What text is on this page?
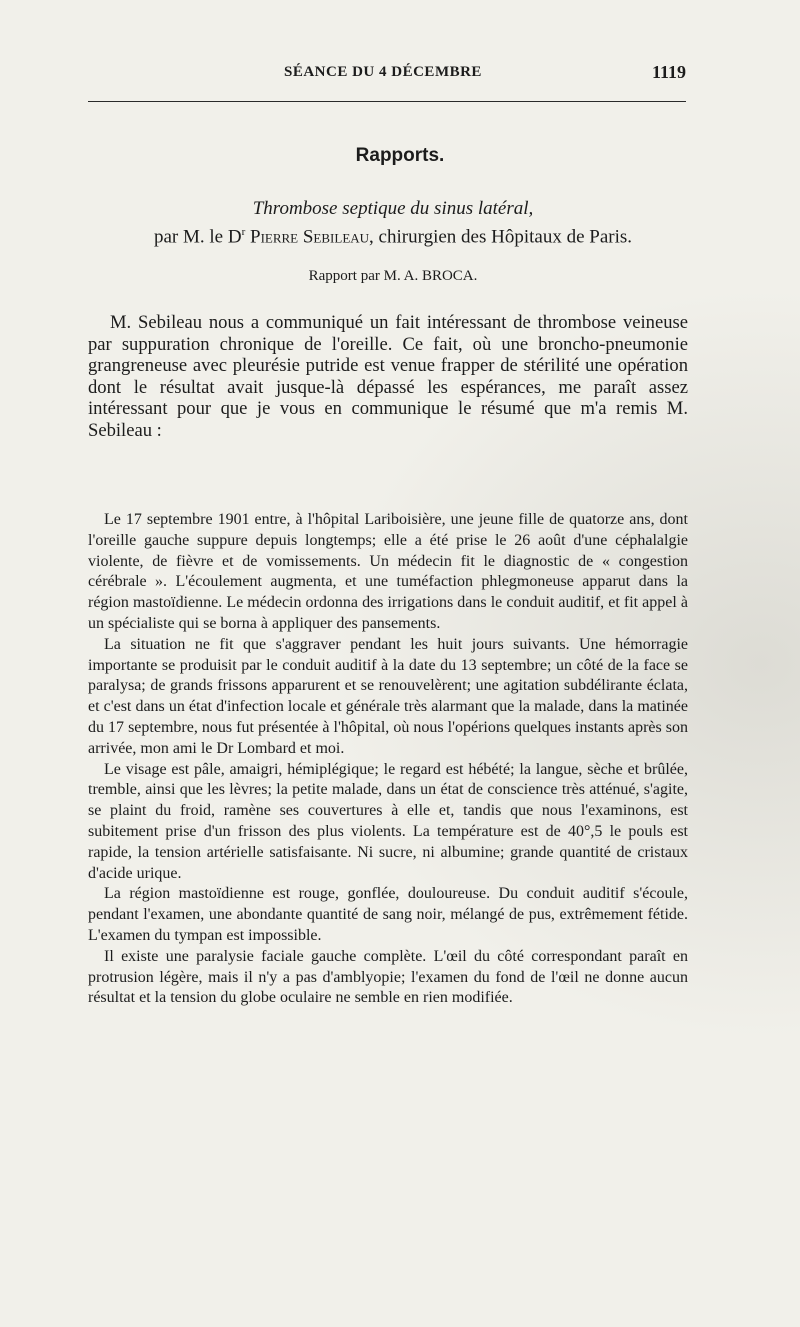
SÉANCE DU 4 DÉCEMBRE	1119
Rapports.
Thrombose septique du sinus latéral,
par M. le $D^r$ Pierre Sebileau, chirurgien des Hôpitaux de Paris.
Rapport par M. A. BROCA.

M. Sebileau nous a communiqué un fait intéressant de thrombose veineuse par suppuration chronique de l'oreille. Ce fait, où une broncho-pneumonie grangreneuse avec pleurésie putride est venue frapper de stérilité une opération dont le résultat avait jusque-là dépassé les espérances, me paraît assez intéressant pour que je vous en communique le résumé que m'a remis M. Sebileau :

Le 17 septembre 1901 entre, à l'hôpital Lariboisière, une jeune fille de quatorze ans, dont l'oreille gauche suppure depuis longtemps; elle a été prise le 26 août d'une céphalalgie violente, de fièvre et de vomissements. Un médecin fit le diagnostic de « congestion cérébrale ». L'écoulement augmenta, et une tuméfaction phlegmoneuse apparut dans la région mastoïdienne. Le médecin ordonna des irrigations dans le conduit auditif, et fit appel à un spécialiste qui se borna à appliquer des pansements.

La situation ne fit que s'aggraver pendant les huit jours suivants. Une hémorragie importante se produisit par le conduit auditif à la date du 13 septembre; un côté de la face se paralysa; de grands frissons apparurent et se renouvelèrent; une agitation subdélirante éclata, et c'est dans un état d'infection locale et générale très alarmant que la malade, dans la matinée du 17 septembre, nous fut présentée à l'hôpital, où nous l'opérions quelques instants après son arrivée, mon ami le Dr Lombard et moi.

Le visage est pâle, amaigri, hémiplégique; le regard est hébété; la langue, sèche et brûlée, tremble, ainsi que les lèvres; la petite malade, dans un état de conscience très atténué, s'agite, se plaint du froid, ramène ses couvertures à elle et, tandis que nous l'examinons, est subitement prise d'un frisson des plus violents. La température est de 40°,5 le pouls est rapide, la tension artérielle satisfaisante. Ni sucre, ni albumine; grande quantité de cristaux d'acide urique.

La région mastoïdienne est rouge, gonflée, douloureuse. Du conduit auditif s'écoule, pendant l'examen, une abondante quantité de sang noir, mélangé de pus, extrêmement fétide. L'examen du tympan est impossible.

Il existe une paralysie faciale gauche complète. L'œil du côté correspondant paraît en protrusion légère, mais il n'y a pas d'amblyopie; l'examen du fond de l'œil ne donne aucun résultat et la tension du globe oculaire ne semble en rien modifiée.
